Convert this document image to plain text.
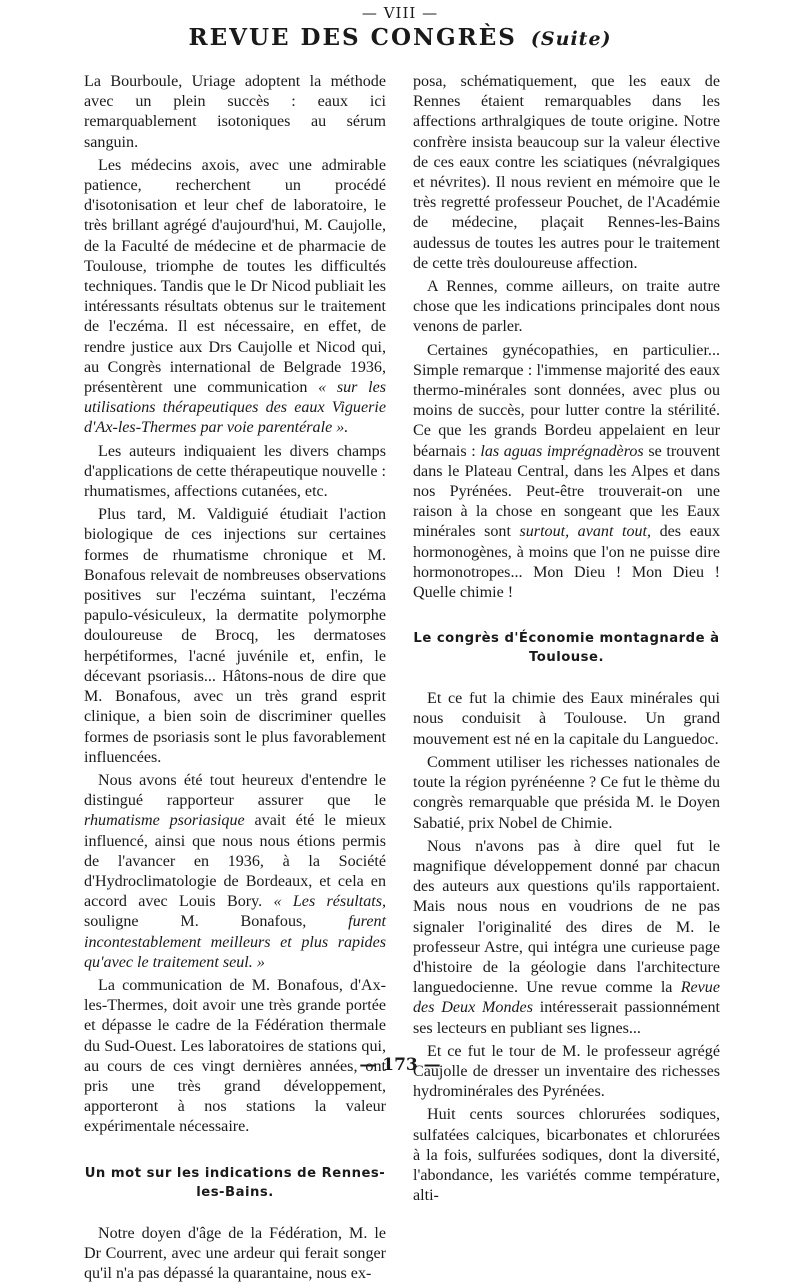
— VIII —
REVUE DES CONGRÈS (Suite)

La Bourboule, Uriage adoptent la méthode avec un plein succès : eaux ici remarquablement isotoniques au sérum sanguin.

Les médecins axois, avec une admirable patience, recherchent un procédé d'isotonisation et leur chef de laboratoire, le très brillant agrégé d'aujourd'hui, M. Caujolle, de la Faculté de médecine et de pharmacie de Toulouse, triomphe de toutes les difficultés techniques. Tandis que le Dr Nicod publiait les intéressants résultats obtenus sur le traitement de l'eczéma. Il est nécessaire, en effet, de rendre justice aux Drs Caujolle et Nicod qui, au Congrès international de Belgrade 1936, présentèrent une communication « sur les utilisations thérapeutiques des eaux Viguerie d'Ax-les-Thermes par voie parentérale ».

Les auteurs indiquaient les divers champs d'applications de cette thérapeutique nouvelle : rhumatismes, affections cutanées, etc.

Plus tard, M. Valdiguié étudiait l'action biologique de ces injections sur certaines formes de rhumatisme chronique et M. Bonafous relevait de nombreuses observations positives sur l'eczéma suintant, l'eczéma papulo-vésiculeux, la dermatite polymorphe douloureuse de Brocq, les dermatoses herpétiformes, l'acné juvénile et, enfin, le décevant psoriasis... Hâtons-nous de dire que M. Bonafous, avec un très grand esprit clinique, a bien soin de discriminer quelles formes de psoriasis sont le plus favorablement influencées.

Nous avons été tout heureux d'entendre le distingué rapporteur assurer que le rhumatisme psoriasique avait été le mieux influencé, ainsi que nous nous étions permis de l'avancer en 1936, à la Société d'Hydroclimatologie de Bordeaux, et cela en accord avec Louis Bory. « Les résultats, souligne M. Bonafous,	furent incontestablement meilleurs et plus rapides qu'avec le traitement seul. »

La communication de M. Bonafous, d'Ax-les-Thermes, doit avoir une très grande portée et dépasse le cadre de la Fédération thermale du Sud-Ouest. Les laboratoires de stations qui, au cours de ces vingt dernières années, ont pris une très grand développement, apporteront à nos stations la valeur expérimentale nécessaire.

Un mot sur les indications de Rennes-les-Bains.

Notre doyen d'âge de la Fédération, M. le Dr Courrent, avec une ardeur qui ferait songer qu'il n'a pas dépassé la quarantaine, nous ex-

posa, schématiquement, que les eaux de Rennes étaient remarquables dans les affections arthralgiques de toute origine. Notre confrère insista beaucoup sur la valeur élective de ces eaux contre les sciatiques (névralgiques et névrites). Il nous revient en mémoire que le très regretté professeur Pouchet, de l'Académie de médecine, plaçait Rennes-les-Bains audessus de toutes les autres pour le traitement de cette très douloureuse affection.

A Rennes, comme ailleurs, on traite autre chose que les indications principales dont nous venons de parler.

Certaines gynécopathies, en particulier... Simple remarque : l'immense majorité des eaux thermo-minérales sont données, avec plus ou moins de succès, pour lutter contre la stérilité. Ce que les grands Bordeu appelaient en leur béarnais : las aguas imprégnadèros se trouvent dans le Plateau Central, dans les Alpes et dans nos Pyrénées. Peut-être trouverait-on une raison à la chose en songeant que les Eaux minérales sont surtout, avant tout, des eaux hormonogènes, à moins que l'on ne puisse dire hormonotropes... Mon Dieu ! Mon Dieu ! Quelle chimie !

Le congrès d'Économie montagnarde à Toulouse.

Et ce fut la chimie des Eaux minérales qui nous conduisit à Toulouse. Un grand mouvement est né en la capitale du Languedoc.

Comment utiliser les richesses nationales de toute la région pyrénéenne ? Ce fut le thème du congrès remarquable que présida M. le Doyen Sabatié, prix Nobel de Chimie.

Nous n'avons pas à dire quel fut le magnifique développement donné par chacun des auteurs aux questions qu'ils rapportaient. Mais nous nous en voudrions de ne pas signaler l'originalité des dires de M. le professeur Astre, qui intégra une curieuse page d'histoire de la géologie dans l'architecture languedocienne. Une revue comme la Revue des Deux Mondes intéresserait passionnément ses lecteurs en publiant ses lignes...

Et ce fut le tour de M. le professeur agrégé Caujolle de dresser un inventaire des richesses hydrominérales des Pyrénées.

Huit cents sources chlorurées sodiques, sulfatées calciques, bicarbonates et chlorurées à la fois, sulfurées sodiques, dont la diversité, l'abondance, les variétés comme température, alti-

— 173 —
